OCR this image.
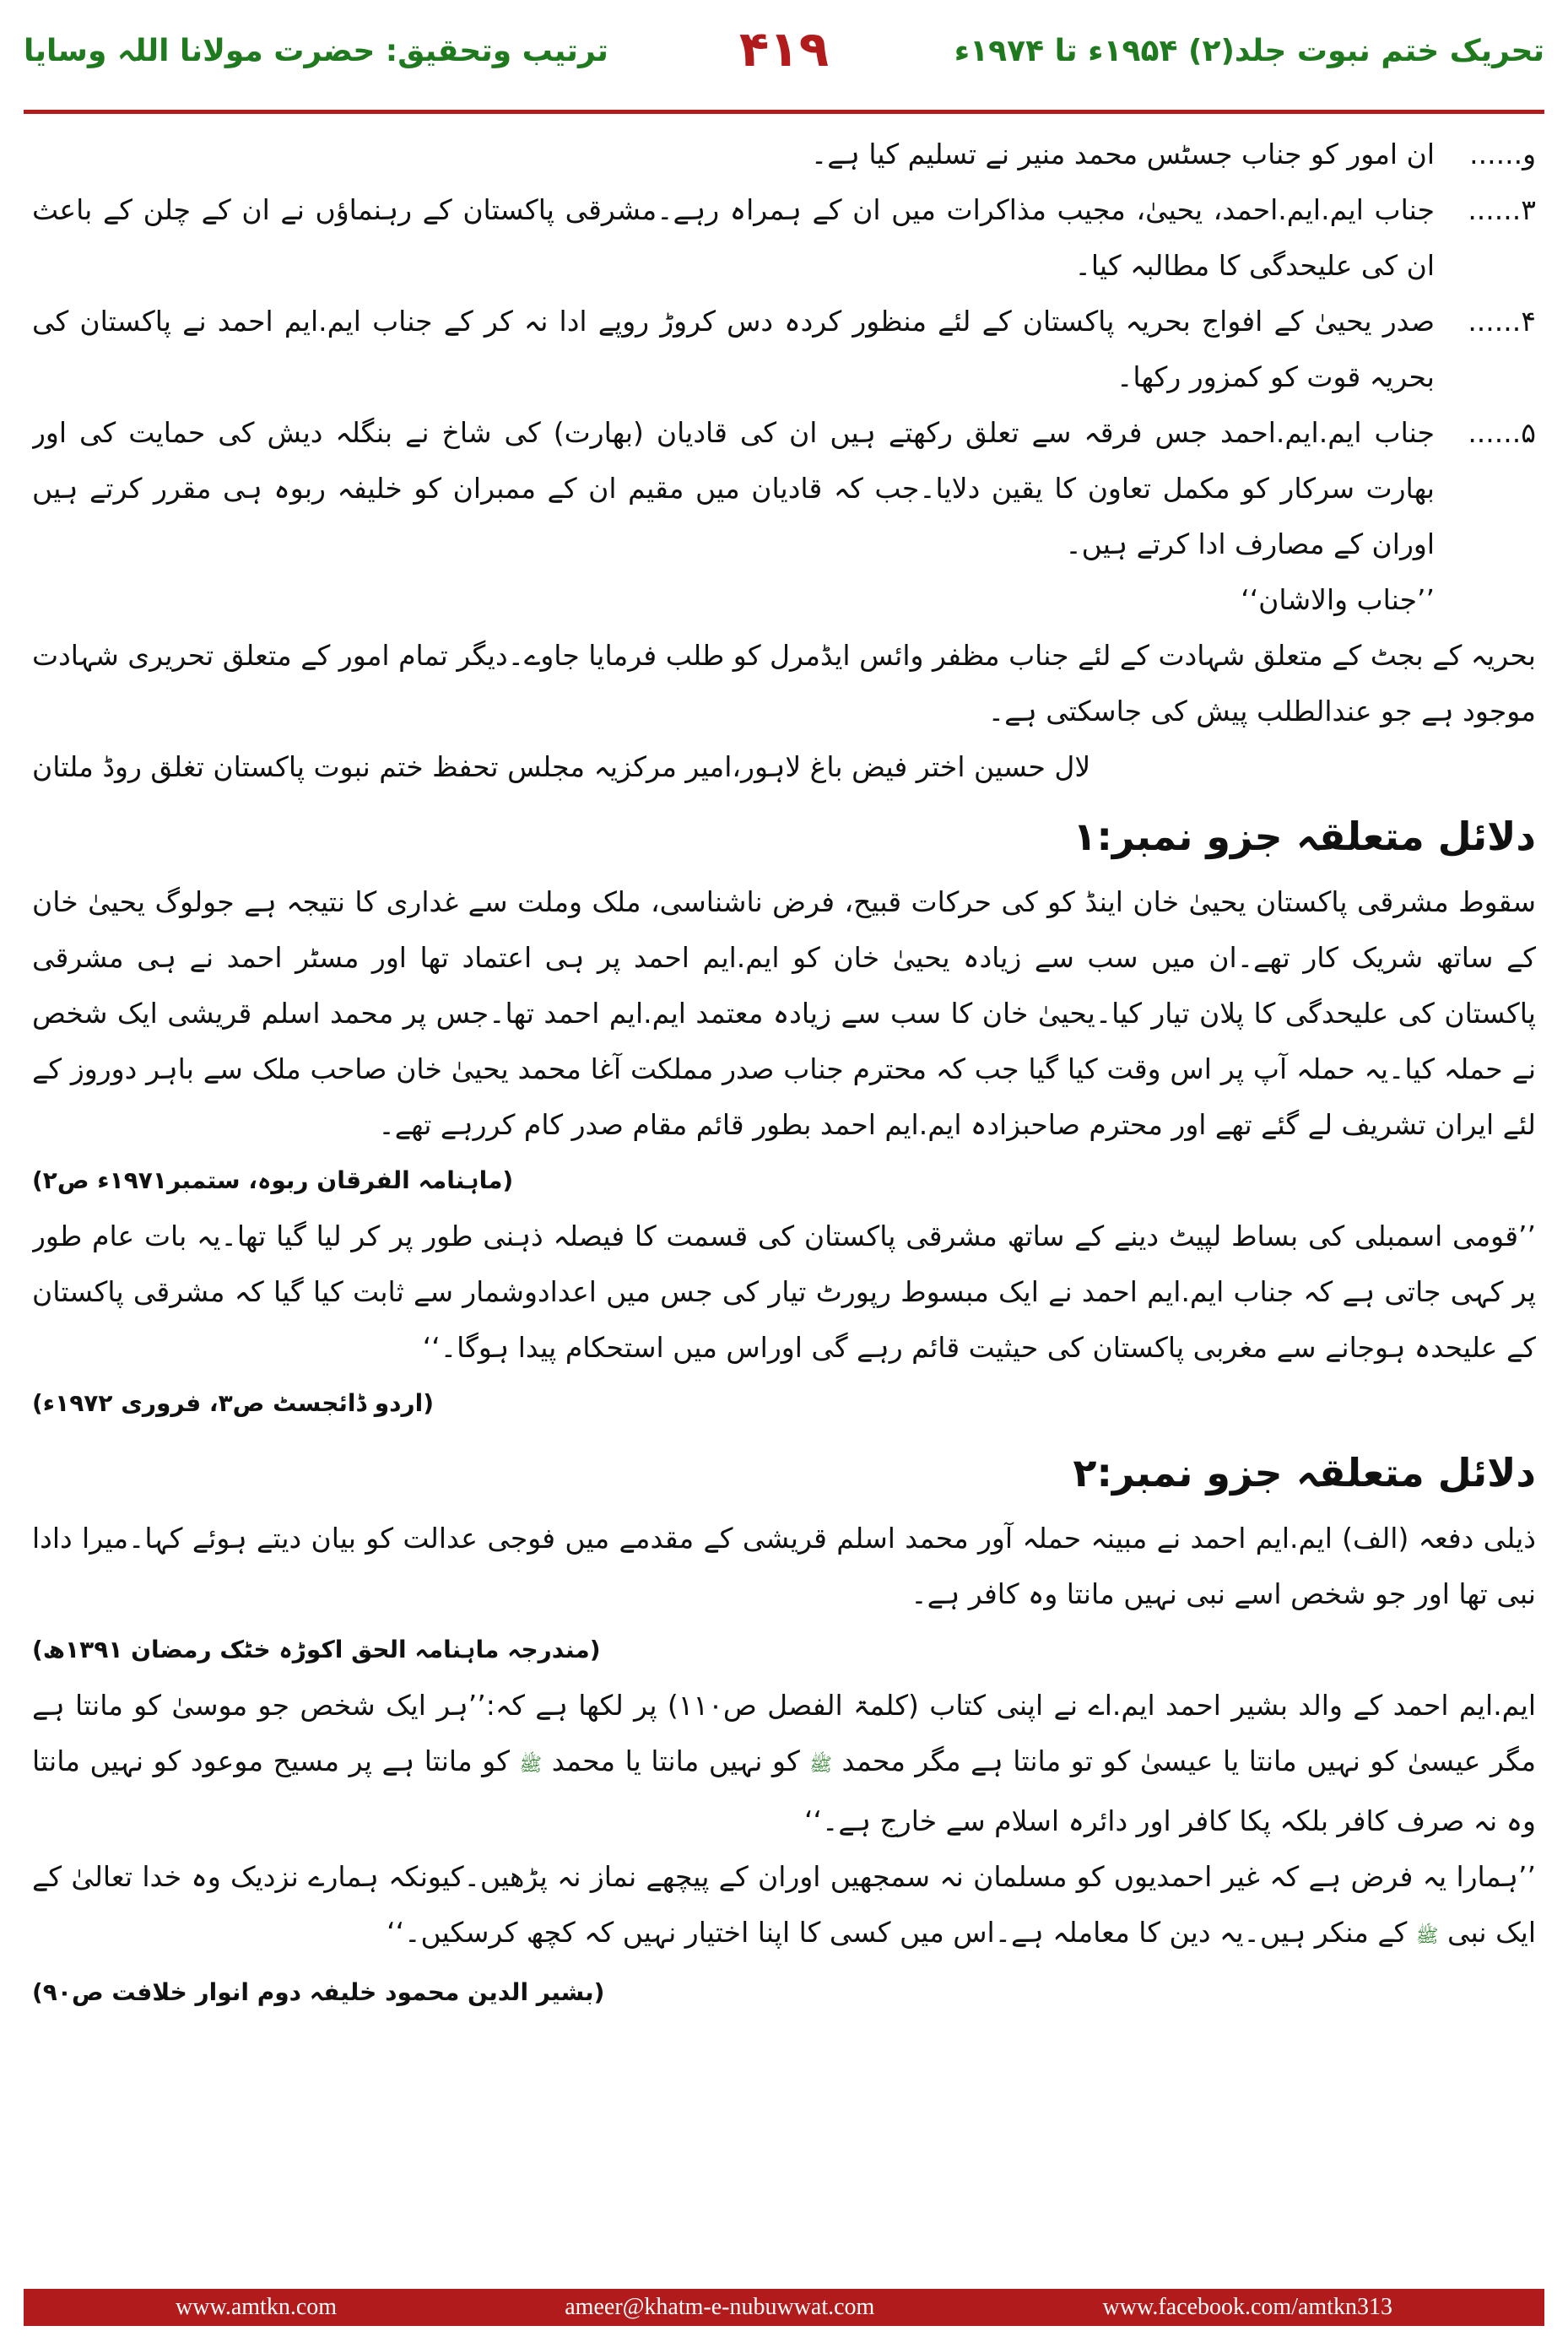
تحریک ختم نبوت جلد(۲) ۱۹۵۴ء تا ۱۹۷۴ء
۴۱۹
ترتیب وتحقیق: حضرت مولانا اللہ وسایا
و......
ان امور کو جناب جسٹس محمد منیر نے تسلیم کیا ہے۔
۳......
جناب ایم.ایم.احمد، یحییٰ، مجیب مذاکرات میں ان کے ہمراہ رہے۔مشرقی پاکستان کے رہنماؤں نے ان کے چلن کے باعث ان کی علیحدگی کا مطالبہ کیا۔
۴......
صدر یحییٰ کے افواج بحریہ پاکستان کے لئے منظور کردہ دس کروڑ روپے ادا نہ کر کے جناب ایم.ایم احمد نے پاکستان کی بحریہ قوت کو کمزور رکھا۔
۵......
جناب ایم.ایم.احمد جس فرقہ سے تعلق رکھتے ہیں ان کی قادیان (بھارت) کی شاخ نے بنگلہ دیش کی حمایت کی اور بھارت سرکار کو مکمل تعاون کا یقین دلایا۔جب کہ قادیان میں مقیم ان کے ممبران کو خلیفہ ربوہ ہی مقرر کرتے ہیں اوران کے مصارف ادا کرتے ہیں۔

’’جناب والاشان‘‘

بحریہ کے بجٹ کے متعلق شہادت کے لئے جناب مظفر وائس ایڈمرل کو طلب فرمایا جاوے۔دیگر تمام امور کے متعلق تحریری شہادت موجود ہے جو عندالطلب پیش کی جاسکتی ہے۔

لال حسین اختر فیض باغ لاہور،امیر مرکزیہ مجلس تحفظ ختم نبوت پاکستان تغلق روڈ ملتان

دلائل متعلقہ جزو نمبر:۱

سقوط مشرقی پاکستان یحییٰ خان اینڈ کو کی حرکات قبیح، فرض ناشناسی، ملک وملت سے غداری کا نتیجہ ہے جولوگ یحییٰ خان کے ساتھ شریک کار تھے۔ان میں سب سے زیادہ یحییٰ خان کو ایم.ایم احمد پر ہی اعتماد تھا اور مسٹر احمد نے ہی مشرقی پاکستان کی علیحدگی کا پلان تیار کیا۔یحییٰ خان کا سب سے زیادہ معتمد ایم.ایم احمد تھا۔جس پر محمد اسلم قریشی ایک شخص نے حملہ کیا۔یہ حملہ آپ پر اس وقت کیا گیا جب کہ محترم جناب صدر مملکت آغا محمد یحییٰ خان صاحب ملک سے باہر دوروز کے لئے ایران تشریف لے گئے تھے اور محترم صاحبزادہ ایم.ایم احمد بطور قائم مقام صدر کام کررہے تھے۔

(ماہنامہ الفرقان ربوہ، ستمبر۱۹۷۱ء ص۲)

’’قومی اسمبلی کی بساط لپیٹ دینے کے ساتھ مشرقی پاکستان کی قسمت کا فیصلہ ذہنی طور پر کر لیا گیا تھا۔یہ بات عام طور پر کہی جاتی ہے کہ جناب ایم.ایم احمد نے ایک مبسوط رپورٹ تیار کی جس میں اعدادوشمار سے ثابت کیا گیا کہ مشرقی پاکستان کے علیحدہ ہوجانے سے مغربی پاکستان کی حیثیت قائم رہے گی اوراس میں استحکام پیدا ہوگا۔‘‘

(اردو ڈائجسٹ ص۳، فروری ۱۹۷۲ء)

دلائل متعلقہ جزو نمبر:۲

ذیلی دفعہ (الف) ایم.ایم احمد نے مبینہ حملہ آور محمد اسلم قریشی کے مقدمے میں فوجی عدالت کو بیان دیتے ہوئے کہا۔میرا دادا نبی تھا اور جو شخص اسے نبی نہیں مانتا وہ کافر ہے۔

(مندرجہ ماہنامہ الحق اکوڑہ خٹک رمضان ۱۳۹۱ھ)

ایم.ایم احمد کے والد بشیر احمد ایم.اے نے اپنی کتاب (کلمۃ الفصل ص۱۱۰) پر لکھا ہے کہ:’’ہر ایک شخص جو موسیٰ کو مانتا ہے مگر عیسیٰ کو نہیں مانتا یا عیسیٰ کو تو مانتا ہے مگر محمد ﷺ کو نہیں مانتا یا محمد ﷺ کو مانتا ہے پر مسیح موعود کو نہیں مانتا وہ نہ صرف کافر بلکہ پکا کافر اور دائرہ اسلام سے خارج ہے۔‘‘

’’ہمارا یہ فرض ہے کہ غیر احمدیوں کو مسلمان نہ سمجھیں اوران کے پیچھے نماز نہ پڑھیں۔کیونکہ ہمارے نزدیک وہ خدا تعالیٰ کے ایک نبی ﷺ کے منکر ہیں۔یہ دین کا معاملہ ہے۔اس میں کسی کا اپنا اختیار نہیں کہ کچھ کرسکیں۔‘‘

(بشیر الدین محمود خلیفہ دوم انوار خلافت ص۹۰)

www.amtkn.com	ameer@khatm-e-nubuwwat.com	www.facebook.com/amtkn313
